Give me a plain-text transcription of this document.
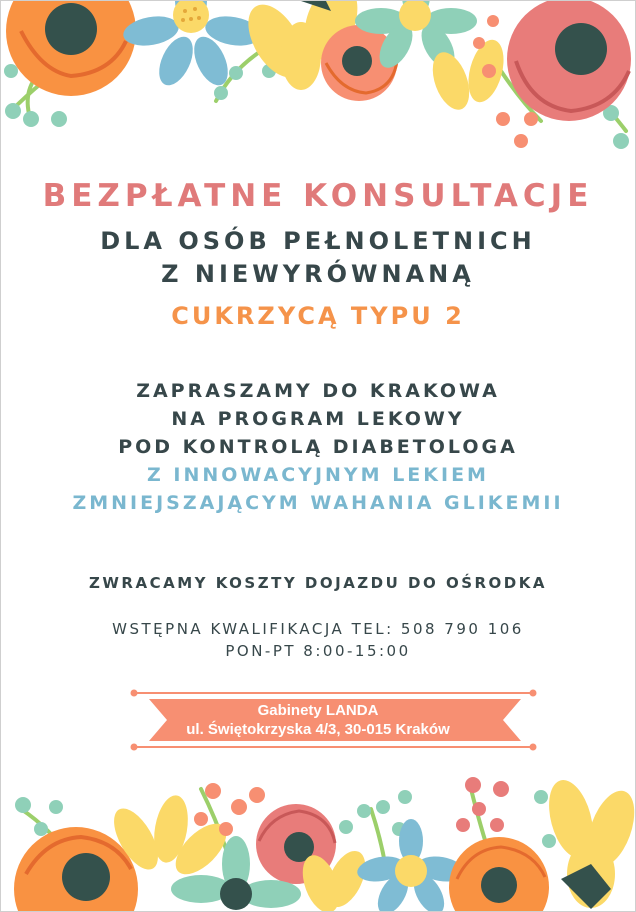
BEZPŁATNE KONSULTACJE

DLA OSÓB PEŁNOLETNICH

Z NIEWYRÓWNANĄ

CUKRZYCĄ TYPU 2

ZAPRASZAMY DO KRAKOWA

NA PROGRAM LEKOWY

POD KONTROLĄ DIABETOLOGA

Z INNOWACYJNYM LEKIEM

ZMNIEJSZAJĄCYM WAHANIA GLIKEMII

ZWRACAMY KOSZTY DOJAZDU DO OŚRODKA

WSTĘPNA KWALIFIKACJA TEL: 508 790 106

PON-PT 8:00-15:00

Gabinety LANDA

ul. Świętokrzyska 4/3, 30-015 Kraków
